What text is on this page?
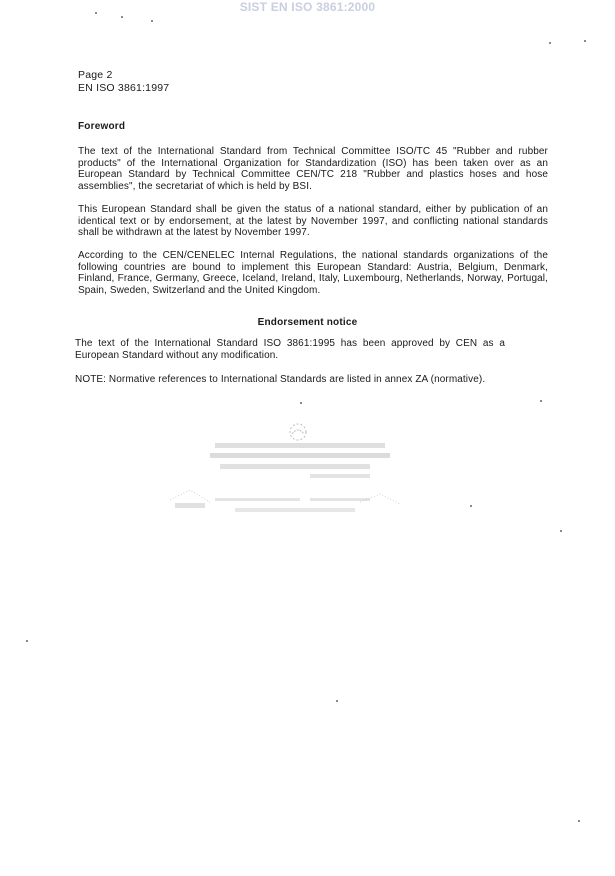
SIST EN ISO 3861:2000
Page 2
EN ISO 3861:1997
Foreword
The text of the International Standard from Technical Committee ISO/TC 45 "Rubber and rubber products" of the International Organization for Standardization (ISO) has been taken over as an European Standard by Technical Committee CEN/TC 218 "Rubber and plastics hoses and hose assemblies", the secretariat of which is held by BSI.
This European Standard shall be given the status of a national standard, either by publication of an identical text or by endorsement, at the latest by November 1997, and conflicting national standards shall be withdrawn at the latest by November 1997.
According to the CEN/CENELEC Internal Regulations, the national standards organizations of the following countries are bound to implement this European Standard: Austria, Belgium, Denmark, Finland, France, Germany, Greece, Iceland, Ireland, Italy, Luxembourg, Netherlands, Norway, Portugal, Spain, Sweden, Switzerland and the United Kingdom.
Endorsement notice
The text of the International Standard ISO 3861:1995 has been approved by CEN as a European Standard without any modification.
NOTE: Normative references to International Standards are listed in annex ZA (normative).
